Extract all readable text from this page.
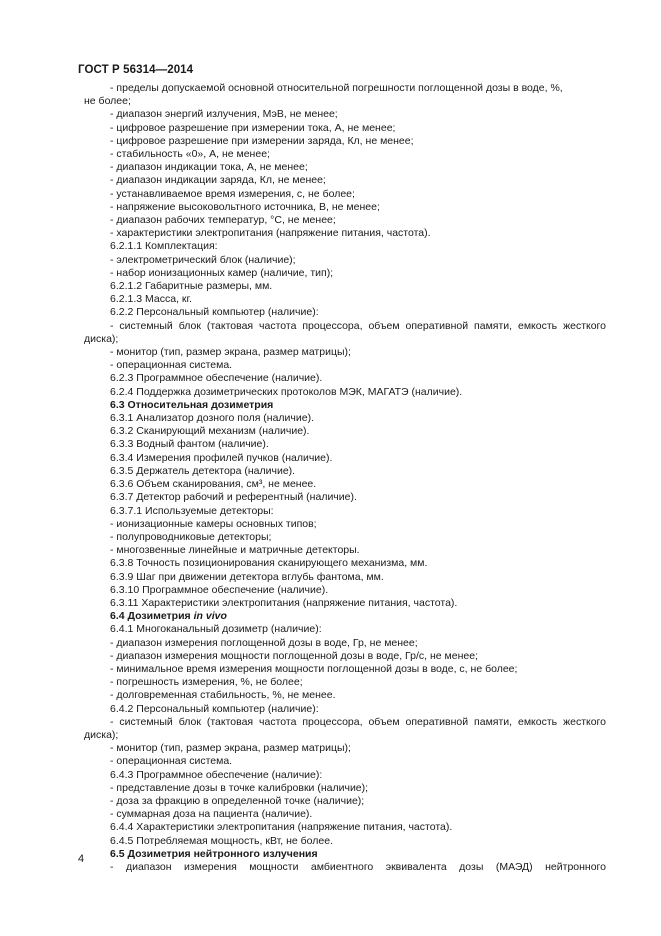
ГОСТ Р 56314—2014
- пределы допускаемой основной относительной погрешности поглощенной дозы в воде, %,
не более;
- диапазон энергий излучения, МэВ, не менее;
- цифровое разрешение при измерении тока, А, не менее;
- цифровое разрешение при измерении заряда, Кл, не менее;
- стабильность «0», А, не менее;
- диапазон индикации тока, А, не менее;
- диапазон индикации заряда, Кл, не менее;
- устанавливаемое время измерения, с, не более;
- напряжение высоковольтного источника, В, не менее;
- диапазон рабочих температур, °С, не менее;
- характеристики электропитания (напряжение питания, частота).
6.2.1.1 Комплектация:
- электрометрический блок (наличие);
- набор ионизационных камер (наличие, тип);
6.2.1.2 Габаритные размеры, мм.
6.2.1.3 Масса, кг.
6.2.2 Персональный компьютер (наличие):
- системный блок (тактовая частота процессора, объем оперативной памяти, емкость жесткого диска);
- монитор (тип, размер экрана, размер матрицы);
- операционная система.
6.2.3 Программное обеспечение (наличие).
6.2.4 Поддержка дозиметрических протоколов МЭК, МАГАТЭ (наличие).
6.3 Относительная дозиметрия
6.3.1 Анализатор дозного поля (наличие).
6.3.2 Сканирующий механизм (наличие).
6.3.3 Водный фантом (наличие).
6.3.4 Измерения профилей пучков (наличие).
6.3.5 Держатель детектора (наличие).
6.3.6 Объем сканирования, см³, не менее.
6.3.7 Детектор рабочий и референтный (наличие).
6.3.7.1 Используемые детекторы:
- ионизационные камеры основных типов;
- полупроводниковые детекторы;
- многозвенные линейные и матричные детекторы.
6.3.8 Точность позиционирования сканирующего механизма, мм.
6.3.9 Шаг при движении детектора вглубь фантома, мм.
6.3.10 Программное обеспечение (наличие).
6.3.11 Характеристики электропитания (напряжение питания, частота).
6.4 Дозиметрия in vivo
6.4.1 Многоканальный дозиметр (наличие):
- диапазон измерения поглощенной дозы в воде, Гр, не менее;
- диапазон измерения мощности поглощенной дозы в воде, Гр/с, не менее;
- минимальное время измерения мощности поглощенной дозы в воде, с, не более;
- погрешность измерения, %, не более;
- долговременная стабильность, %, не менее.
6.4.2 Персональный компьютер (наличие):
- системный блок (тактовая частота процессора, объем оперативной памяти, емкость жесткого диска);
- монитор (тип, размер экрана, размер матрицы);
- операционная система.
6.4.3 Программное обеспечение (наличие):
- представление дозы в точке калибровки (наличие);
- доза за фракцию в определенной точке (наличие);
- суммарная доза на пациента (наличие).
6.4.4 Характеристики электропитания (напряжение питания, частота).
6.4.5 Потребляемая мощность, кВт, не более.
6.5 Дозиметрия нейтронного излучения
- диапазон измерения мощности амбиентного эквивалента дозы (МАЭД) нейтронного
4
